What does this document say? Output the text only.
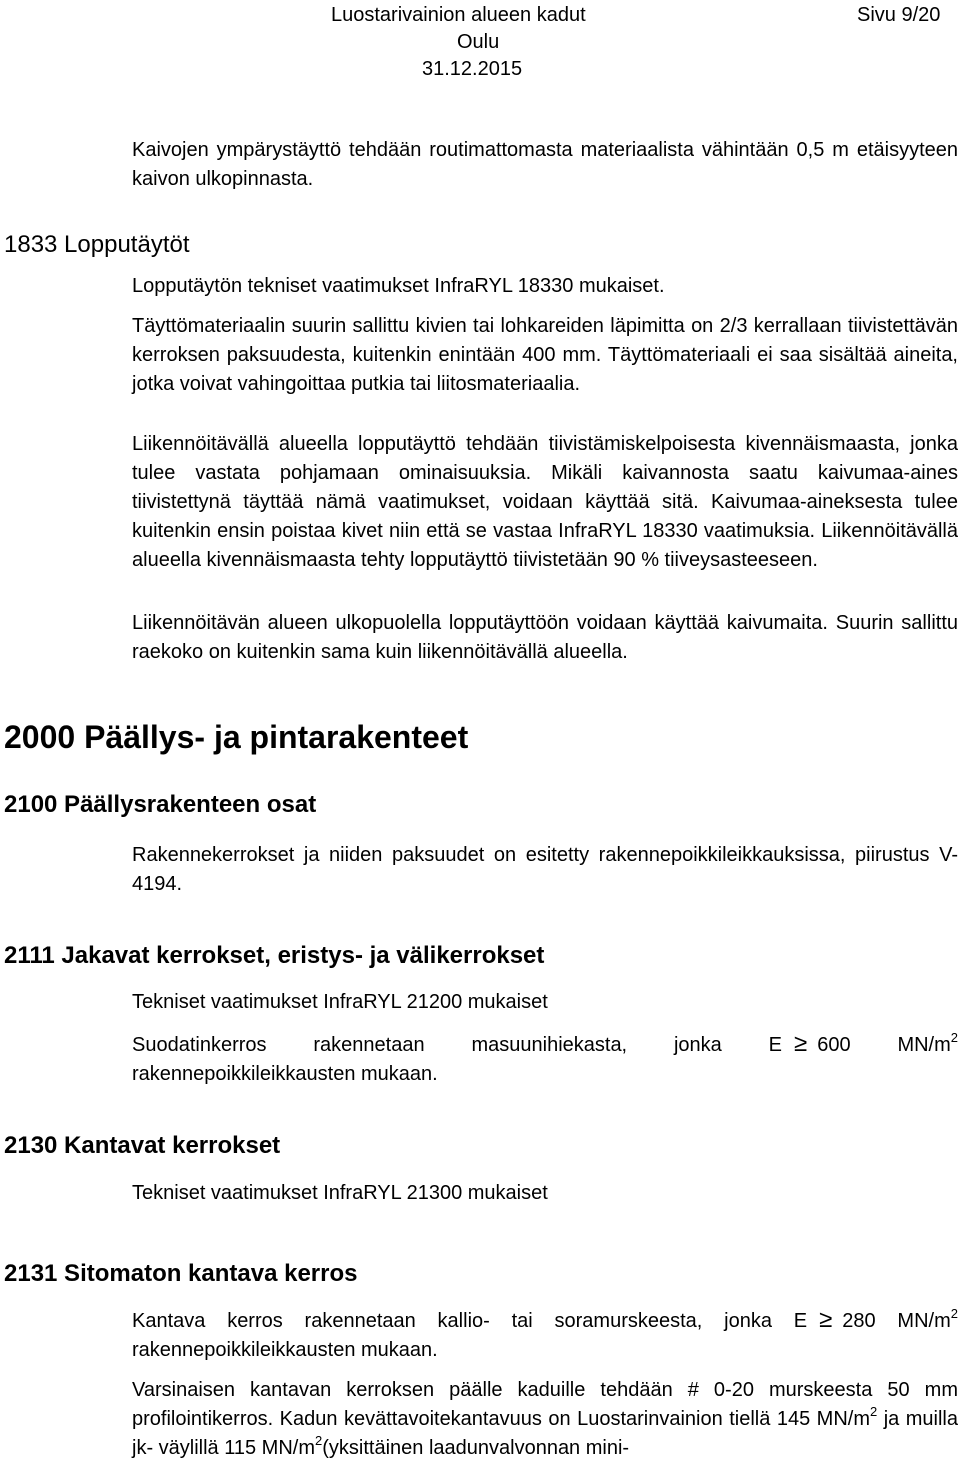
Luostarivainion alueen kadut	Sivu 9/20
Oulu
31.12.2015

Kaivojen ympärystäyttö tehdään routimattomasta materiaalista vähintään 0,5 m etäisyyteen kaivon ulkopinnasta.

1833 Lopputäytöt

Lopputäytön tekniset vaatimukset InfraRYL 18330 mukaiset.

Täyttömateriaalin suurin sallittu kivien tai lohkareiden läpimitta on 2/3 kerrallaan tiivistettävän kerroksen paksuudesta, kuitenkin enintään 400 mm. Täyttömateriaali ei saa sisältää aineita, jotka voivat vahingoittaa putkia tai liitosmateriaalia.

Liikennöitävällä alueella lopputäyttö tehdään tiivistämiskelpoisesta kivennäismaasta, jonka tulee vastata pohjamaan ominaisuuksia. Mikäli kaivannosta saatu kaivumaa-aines tiivistettynä täyttää nämä vaatimukset, voidaan käyttää sitä. Kaivumaa-aineksesta tulee kuitenkin ensin poistaa kivet niin että se vastaa InfraRYL 18330 vaatimuksia. Liikennöitävällä alueella kivennäismaasta tehty lopputäyttö tiivistetään 90 % tiiveysasteeseen.

Liikennöitävän alueen ulkopuolella lopputäyttöön voidaan käyttää kaivumaita. Suurin sallittu raekoko on kuitenkin sama kuin liikennöitävällä alueella.

2000 Päällys- ja pintarakenteet
2100 Päällysrakenteen osat

Rakennekerrokset ja niiden paksuudet on esitetty rakennepoikkileikkauksissa, piirustus V-4194.

2111 Jakavat kerrokset, eristys- ja välikerrokset

Tekniset vaatimukset InfraRYL 21200 mukaiset

Suodatinkerros rakennetaan masuunihiekasta, jonka E ≥ 600 $MN/m^2$ rakennepoikkileikkausten mukaan.

2130 Kantavat kerrokset

Tekniset vaatimukset InfraRYL 21300 mukaiset

2131 Sitomaton kantava kerros

Kantava kerros rakennetaan kallio- tai soramurskeesta, jonka E ≥ 280 $MN/m^2$ rakennepoikkileikkausten mukaan.

Varsinaisen kantavan kerroksen päälle kaduille tehdään # 0-20 murskeesta 50 mm profilointikerros. Kadun kevättavoitekantavuus on Luostarinvainion tiellä 145 $MN/m^2$ ja muilla jk- väylillä 115 $MN/m^2(yksittäinen$ laadunvalvonnan mini-
